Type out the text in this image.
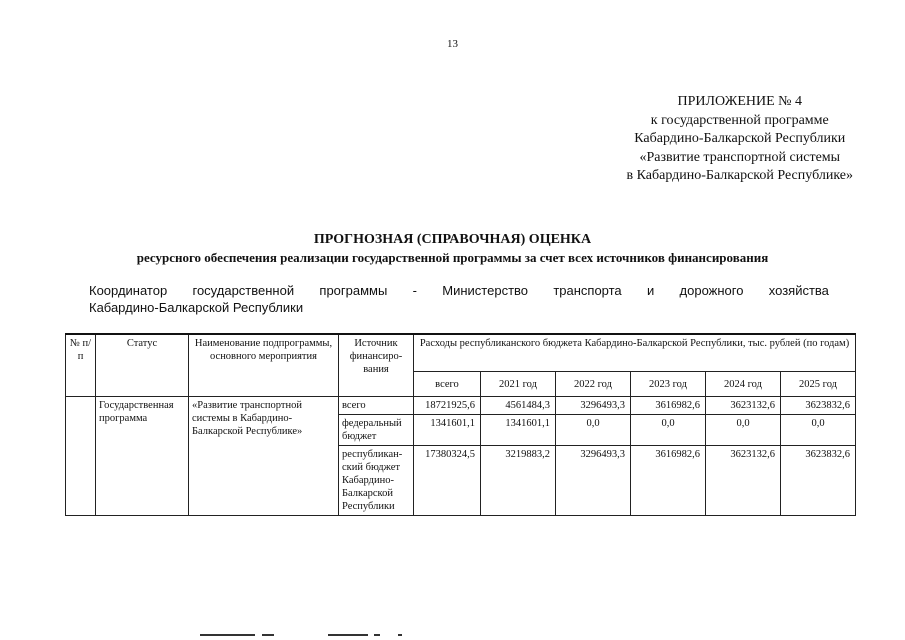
13
ПРИЛОЖЕНИЕ № 4
к государственной программе
Кабардино-Балкарской Республики
«Развитие транспортной системы
в Кабардино-Балкарской Республике»
ПРОГНОЗНАЯ (СПРАВОЧНАЯ) ОЦЕНКА
ресурсного обеспечения реализации государственной программы за счет всех источников финансирования
Координатор государственной программы - Министерство транспорта и дорожного хозяйства
Кабардино-Балкарской Республики
№ п/п	Статус	Наименование подпрограммы, основного мероприятия	Источник финансиро-вания	Расходы республиканского бюджета Кабардино-Балкарской Республики, тыс. рублей (по годам)					
				всего	2021 год	2022 год	2023 год	2024 год	2025 год
	Государственная программа	«Развитие транспортной системы в Кабардино-Балкарской Республике»	всего	18721925,6	4561484,3	3296493,3	3616982,6	3623132,6	3623832,6
			федеральный бюджет	1341601,1	1341601,1	0,0	0,0	0,0	0,0
			республикан-ский бюджет Кабардино-Балкарской Республики	17380324,5	3219883,2	3296493,3	3616982,6	3623132,6	3623832,6
